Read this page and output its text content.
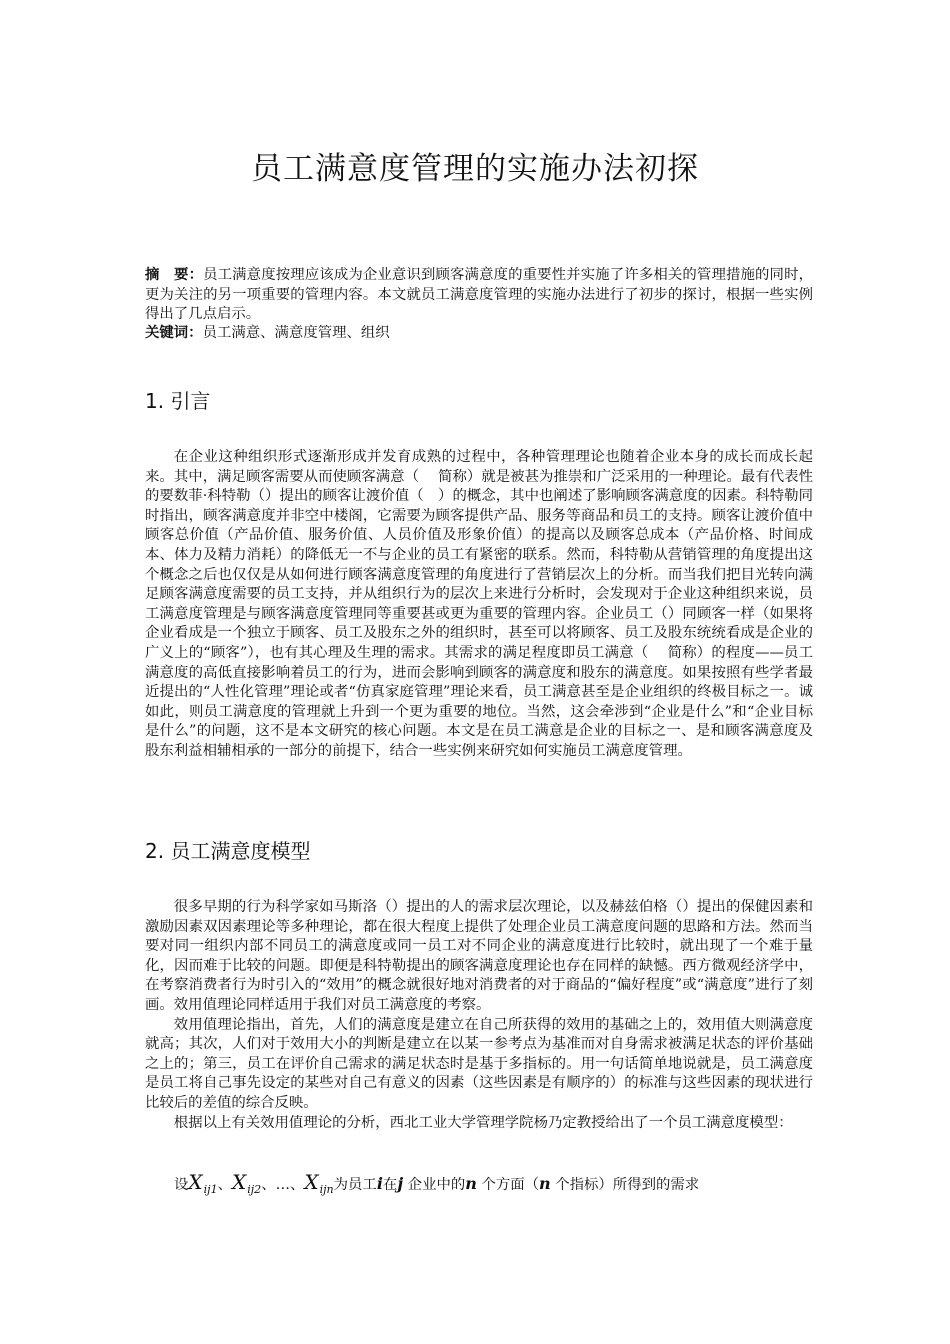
员工满意度管理的实施办法初探
摘　要：员工满意度按理应该成为企业意识到顾客满意度的重要性并实施了许多相关的管理措施的同时，更为关注的另一项重要的管理内容。本文就员工满意度管理的实施办法进行了初步的探讨，根据一些实例得出了几点启示。
关键词：员工满意、满意度管理、组织
1. 引言

在企业这种组织形式逐渐形成并发育成熟的过程中，各种管理理论也随着企业本身的成长而成长起来。其中，满足顾客需要从而使顾客满意（　 简称）就是被甚为推崇和广泛采用的一种理论。最有代表性的要数菲·科特勒（）提出的顾客让渡价值（　）的概念，其中也阐述了影响顾客满意度的因素。科特勒同时指出，顾客满意度并非空中楼阁，它需要为顾客提供产品、服务等商品和员工的支持。顾客让渡价值中顾客总价值（产品价值、服务价值、人员价值及形象价值）的提高以及顾客总成本（产品价格、时间成本、体力及精力消耗）的降低无一不与企业的员工有紧密的联系。然而，科特勒从营销管理的角度提出这个概念之后也仅仅是从如何进行顾客满意度管理的角度进行了营销层次上的分析。而当我们把目光转向满足顾客满意度需要的员工支持，并从组织行为的层次上来进行分析时，会发现对于企业这种组织来说，员工满意度管理是与顾客满意度管理同等重要甚或更为重要的管理内容。企业员工（）同顾客一样（如果将企业看成是一个独立于顾客、员工及股东之外的组织时，甚至可以将顾客、员工及股东统统看成是企业的广义上的“顾客”），也有其心理及生理的需求。其需求的满足程度即员工满意（　 简称）的程度——员工满意度的高低直接影响着员工的行为，进而会影响到顾客的满意度和股东的满意度。如果按照有些学者最近提出的“人性化管理”理论或者“仿真家庭管理”理论来看，员工满意甚至是企业组织的终极目标之一。诚如此，则员工满意度的管理就上升到一个更为重要的地位。当然，这会牵涉到“企业是什么”和“企业目标是什么”的问题，这不是本文研究的核心问题。本文是在员工满意是企业的目标之一、是和顾客满意度及股东利益相辅相承的一部分的前提下，结合一些实例来研究如何实施员工满意度管理。

2. 员工满意度模型

很多早期的行为科学家如马斯洛（）提出的人的需求层次理论，以及赫兹伯格（）提出的保健因素和激励因素双因素理论等多种理论，都在很大程度上提供了处理企业员工满意度问题的思路和方法。然而当要对同一组织内部不同员工的满意度或同一员工对不同企业的满意度进行比较时，就出现了一个难于量化，因而难于比较的问题。即便是科特勒提出的顾客满意度理论也存在同样的缺憾。西方微观经济学中，在考察消费者行为时引入的“效用”的概念就很好地对消费者的对于商品的“偏好程度”或“满意度”进行了刻画。效用值理论同样适用于我们对员工满意度的考察。

效用值理论指出，首先，人们的满意度是建立在自己所获得的效用的基础之上的，效用值大则满意度就高；其次，人们对于效用大小的判断是建立在以某一参考点为基准而对自身需求被满足状态的评价基础之上的；第三，员工在评价自己需求的满足状态时是基于多指标的。用一句话简单地说就是，员工满意度是员工将自己事先设定的某些对自己有意义的因素（这些因素是有顺序的）的标准与这些因素的现状进行比较后的差值的综合反映。

根据以上有关效用值理论的分析，西北工业大学管理学院杨乃定教授给出了一个员工满意度模型：

设$X_{ij1}$、$X_{ij2}$、…、$X_{ijn}$为员工i在j 企业中的n 个方面（n 个指标）所得到的需求
